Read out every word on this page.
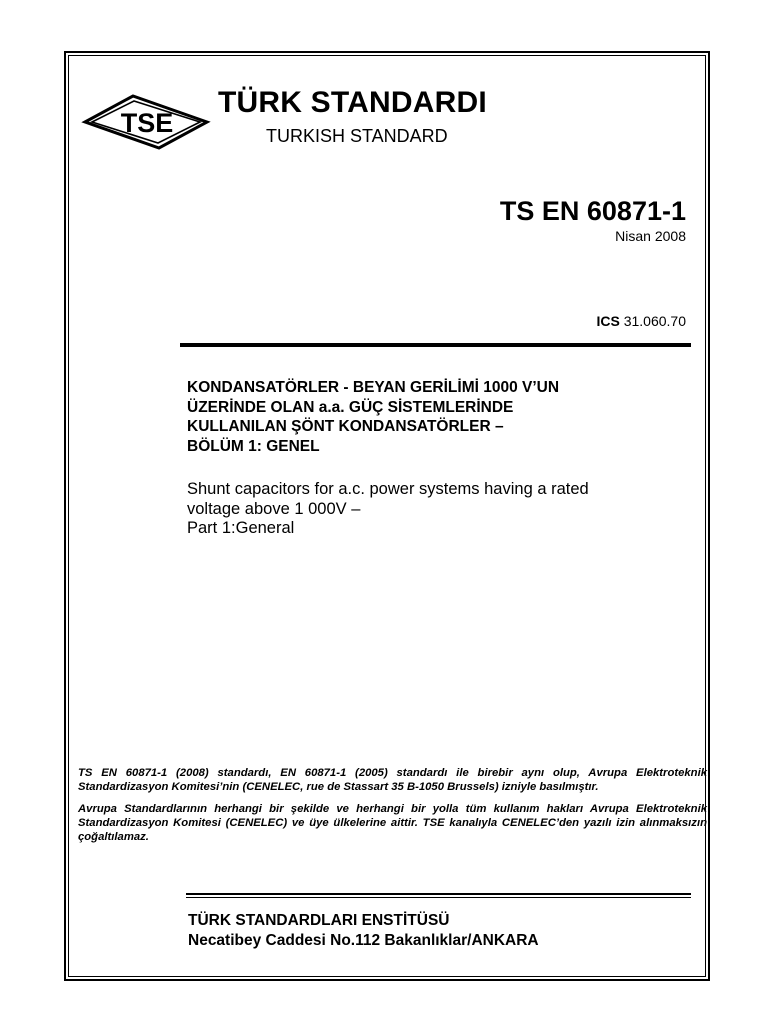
TSE
TÜRK STANDARDI
TURKISH STANDARD
TS EN 60871-1
Nisan 2008
ICS 31.060.70
KONDANSATÖRLER - BEYAN GERİLİMİ 1000 V’UN
ÜZERİNDE OLAN a.a. GÜÇ SİSTEMLERİNDE
KULLANILAN ŞÖNT KONDANSATÖRLER –
BÖLÜM 1: GENEL
Shunt capacitors for a.c. power systems having a rated
voltage above 1 000V –
Part 1:General

TS EN 60871-1 (2008) standardı, EN 60871-1 (2005) standardı ile birebir aynı olup, Avrupa Elektroteknik Standardizasyon Komitesi’nin (CENELEC, rue de Stassart 35 B-1050 Brussels) izniyle basılmıştır.

Avrupa Standardlarının herhangi bir şekilde ve herhangi bir yolla tüm kullanım hakları Avrupa Elektroteknik Standardizasyon Komitesi (CENELEC) ve üye ülkelerine aittir. TSE kanalıyla CENELEC’den yazılı izin alınmaksızın çoğaltılamaz.

TÜRK STANDARDLARI ENSTİTÜSÜ
Necatibey Caddesi No.112 Bakanlıklar/ANKARA
